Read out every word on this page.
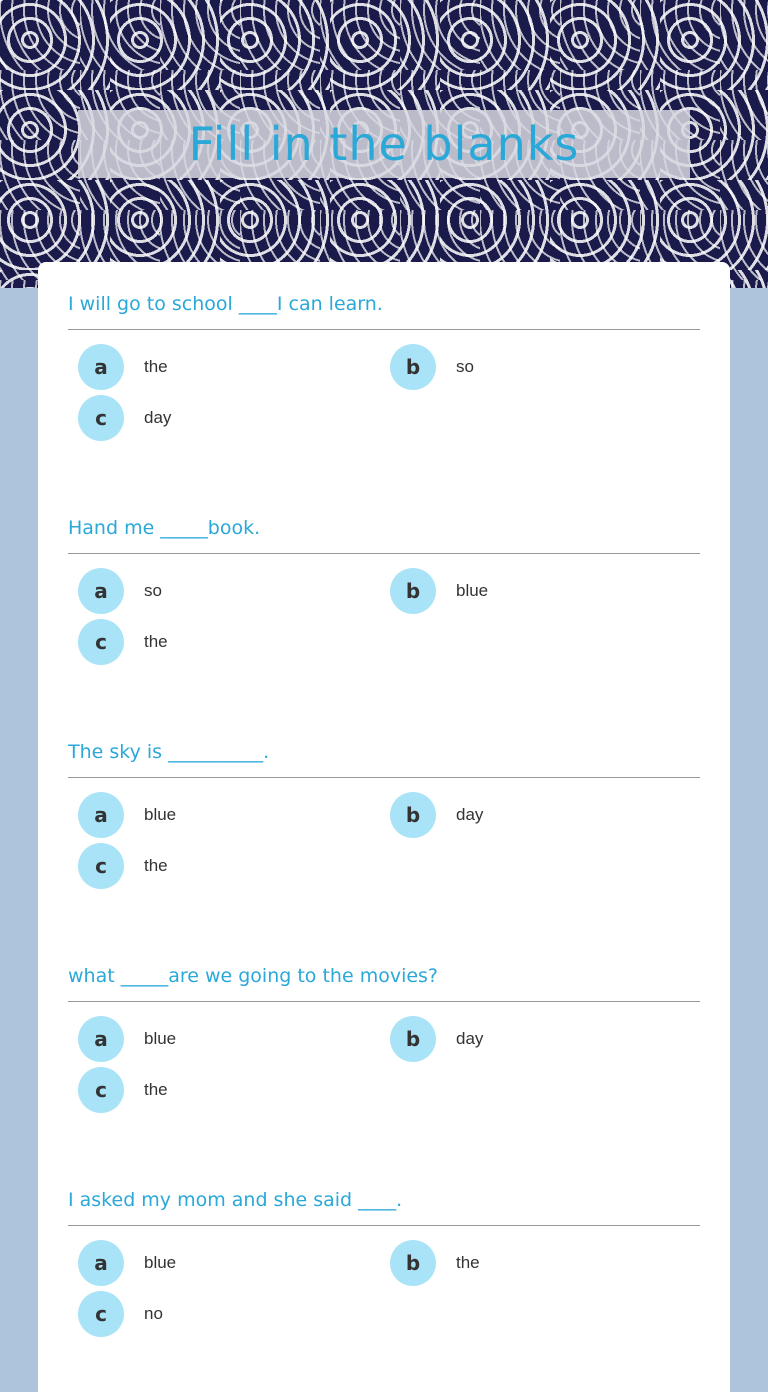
Fill in the blanks
I will go to school ____I can learn.
a	the	b	so
c	day
Hand me _____book.
a	so	b	blue
c	the
The sky is __________.
a	blue	b	day
c	the
what _____are we going to the movies?
a	blue	b	day
c	the
I asked my mom and she said ____.
a	blue	b	the
c	no
